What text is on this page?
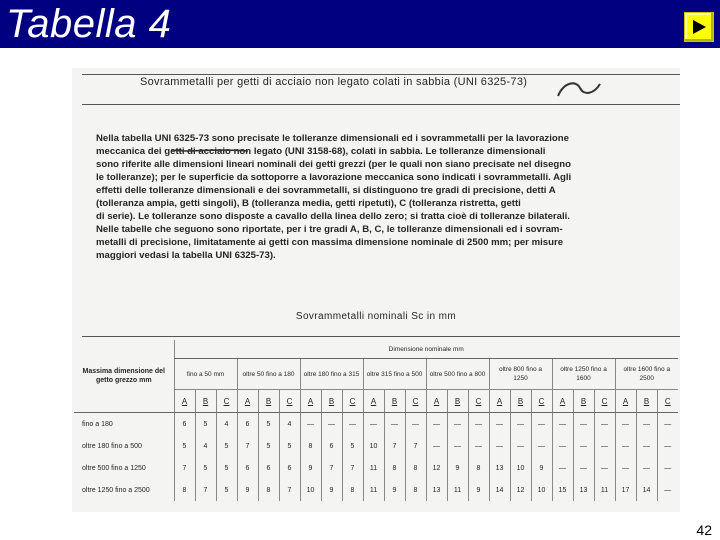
Tabella 4
Sovrammetalli per getti di acciaio non legato colati in sabbia (UNI 6325-73)
Nella tabella UNI 6325-73 sono precisate le tolleranze dimensionali ed i sovrammetalli per la lavorazione
meccanica dei getti di acciaio non legato (UNI 3158-68), colati in sabbia. Le tolleranze dimensionali
sono riferite alle dimensioni lineari nominali dei getti grezzi (per le quali non siano precisate nel disegno
le tolleranze); per le superficie da sottoporre a lavorazione meccanica sono indicati i sovrammetalli. Agli
effetti delle tolleranze dimensionali e dei sovrammetalli, si distinguono tre gradi di precisione, detti A
(tolleranza ampia, getti singoli), B (tolleranza media, getti ripetuti), C (tolleranza ristretta, getti
di serie). Le tolleranze sono disposte a cavallo della linea dello zero; si tratta cioè di tolleranze bilaterali.
Nelle tabelle che seguono sono riportate, per i tre gradi A, B, C, le tolleranze dimensionali ed i sovram-
metalli di precisione, limitatamente ai getti con massima dimensione nominale di 2500 mm; per misure
maggiori vedasi la tabella UNI 6325-73).
Sovrammetalli nominali Sc in mm
Massima dimensione del getto grezzo mm	Dimensione nominale mm																							
	fino a 50 mm			oltre 50 fino a 180			oltre 180 fino a 315			oltre 315 fino a 500			oltre 500 fino a 800			oltre 800 fino a 1250			oltre 1250 fino a 1600			oltre 1600 fino a 2500		
	A	B	C	A	B	C	A	B	C	A	B	C	A	B	C	A	B	C	A	B	C	A	B	C
fino a 180	6	5	4	6	5	4	—	—	—	—	—	—	—	—	—	—	—	—	—	—	—	—	—	—
oltre 180 fino a 500	5	4	5	7	5	5	8	6	5	10	7	7	—	—	—	—	—	—	—	—	—	—	—	—
oltre 500 fino a 1250	7	5	5	6	6	6	9	7	7	11	8	8	12	9	8	13	10	9	—	—	—	—	—	—
oltre 1250 fino a 2500	8	7	5	9	8	7	10	9	8	11	9	8	13	11	9	14	12	10	15	13	11	17	14	—
42
